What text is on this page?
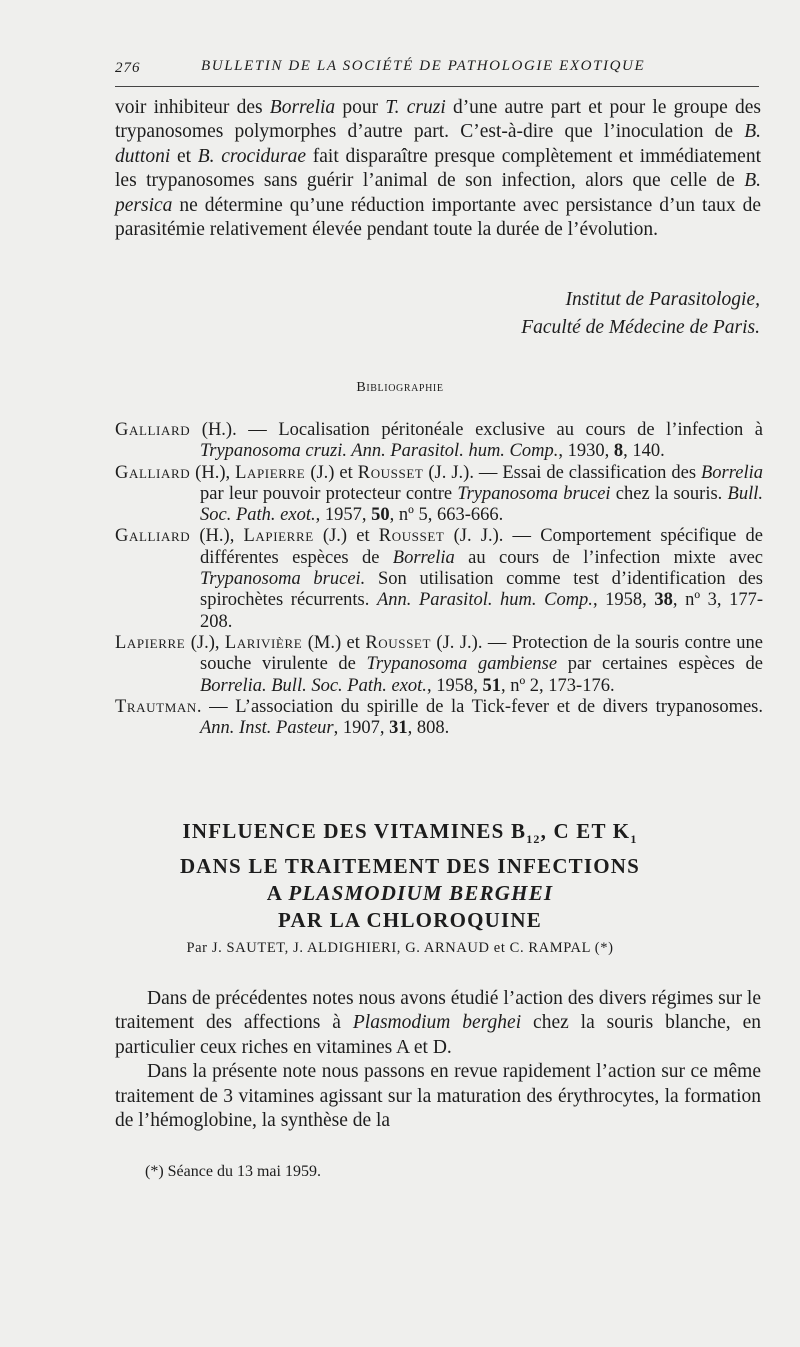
276	BULLETIN DE LA SOCIÉTÉ DE PATHOLOGIE EXOTIQUE

voir inhibiteur des Borrelia pour T. cruzi d’une autre part et pour le groupe des trypanosomes polymorphes d’autre part. C’est-à-dire que l’inoculation de B. duttoni et B. crocidurae fait disparaître presque complètement et immédiatement les trypanosomes sans guérir l’animal de son infection, alors que celle de B. persica ne détermine qu’une réduction importante avec persistance d’un taux de parasitémie relativement élevée pendant toute la durée de l’évolution.

Institut de Parasitologie,
Faculté de Médecine de Paris.
Bibliographie

Galliard (H.). — Localisation péritonéale exclusive au cours de l’infection à Trypanosoma cruzi. Ann. Parasitol. hum. Comp., 1930, 8, 140.

Galliard (H.), Lapierre (J.) et Rousset (J. J.). — Essai de classification des Borrelia par leur pouvoir protecteur contre Trypanosoma brucei chez la souris. Bull. Soc. Path. exot., 1957, 50, nº 5, 663-666.

Galliard (H.), Lapierre (J.) et Rousset (J. J.). — Comportement spécifique de différentes espèces de Borrelia au cours de l’infection mixte avec Trypanosoma brucei. Son utilisation comme test d’identification des spirochètes récurrents. Ann. Parasitol. hum. Comp., 1958, 38, nº 3, 177-208.

Lapierre (J.), Larivière (M.) et Rousset (J. J.). — Protection de la souris contre une souche virulente de Trypanosoma gambiense par certaines espèces de Borrelia. Bull. Soc. Path. exot., 1958, 51, nº 2, 173-176.

Trautman. — L’association du spirille de la Tick-fever et de divers trypanosomes. Ann. Inst. Pasteur, 1907, 31, 808.

INFLUENCE DES VITAMINES $B_{12}$, C ET $K_1$
DANS LE TRAITEMENT DES INFECTIONS
A PLASMODIUM BERGHEI
PAR LA CHLOROQUINE
Par J. SAUTET, J. ALDIGHIERI, G. ARNAUD et C. RAMPAL (*)

Dans de précédentes notes nous avons étudié l’action des divers régimes sur le traitement des affections à Plasmodium berghei chez la souris blanche, en particulier ceux riches en vitamines A et D.

Dans la présente note nous passons en revue rapidement l’action sur ce même traitement de 3 vitamines agissant sur la maturation des érythrocytes, la formation de l’hémoglobine, la synthèse de la

(*) Séance du 13 mai 1959.
